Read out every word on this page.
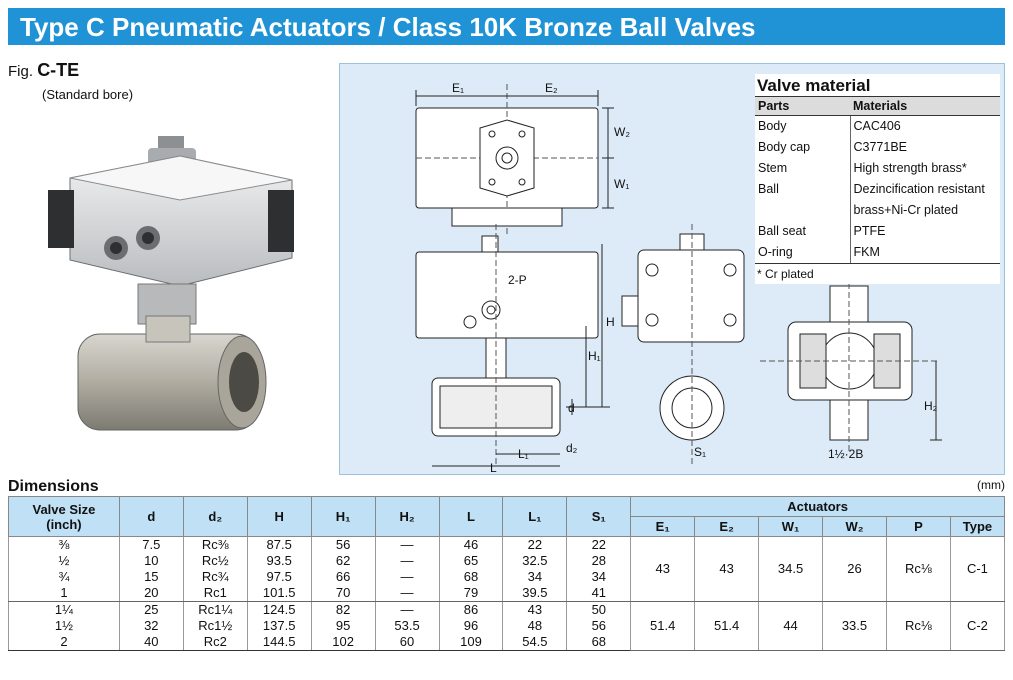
Type C Pneumatic Actuators / Class 10K Bronze Ball Valves
Fig. C-TE
(Standard bore)	E₁	E₂
W₂
W₁
2-P
H
H₁
d
d₂
L₁
L
S₁
H₂
1½·2B
Valve material
Parts	Materials
Body	CAC406
Body cap	C3771BE
Stem	High strength brass*
Ball	Dezincification resistant
	brass+Ni-Cr plated
Ball seat	PTFE
O-ring	FKM
* Cr plated
Dimensions	(mm)
Valve Size
(inch)	d	d₂	H	H₁	H₂	L	L₁	S₁	Actuators					
									E₁	E₂	W₁	W₂	P	Type
⅜	7.5	Rc⅜	87.5	56	—	46	22	22	43	43	34.5	26	Rc⅛	C-1
½	10	Rc½	93.5	62	—	65	32.5	28						
¾	15	Rc¾	97.5	66	—	68	34	34						
1	20	Rc1	101.5	70	—	79	39.5	41						
1¼	25	Rc1¼	124.5	82	—	86	43	50	51.4	51.4	44	33.5	Rc⅛	C-2
1½	32	Rc1½	137.5	95	53.5	96	48	56						
2	40	Rc2	144.5	102	60	109	54.5	68						
